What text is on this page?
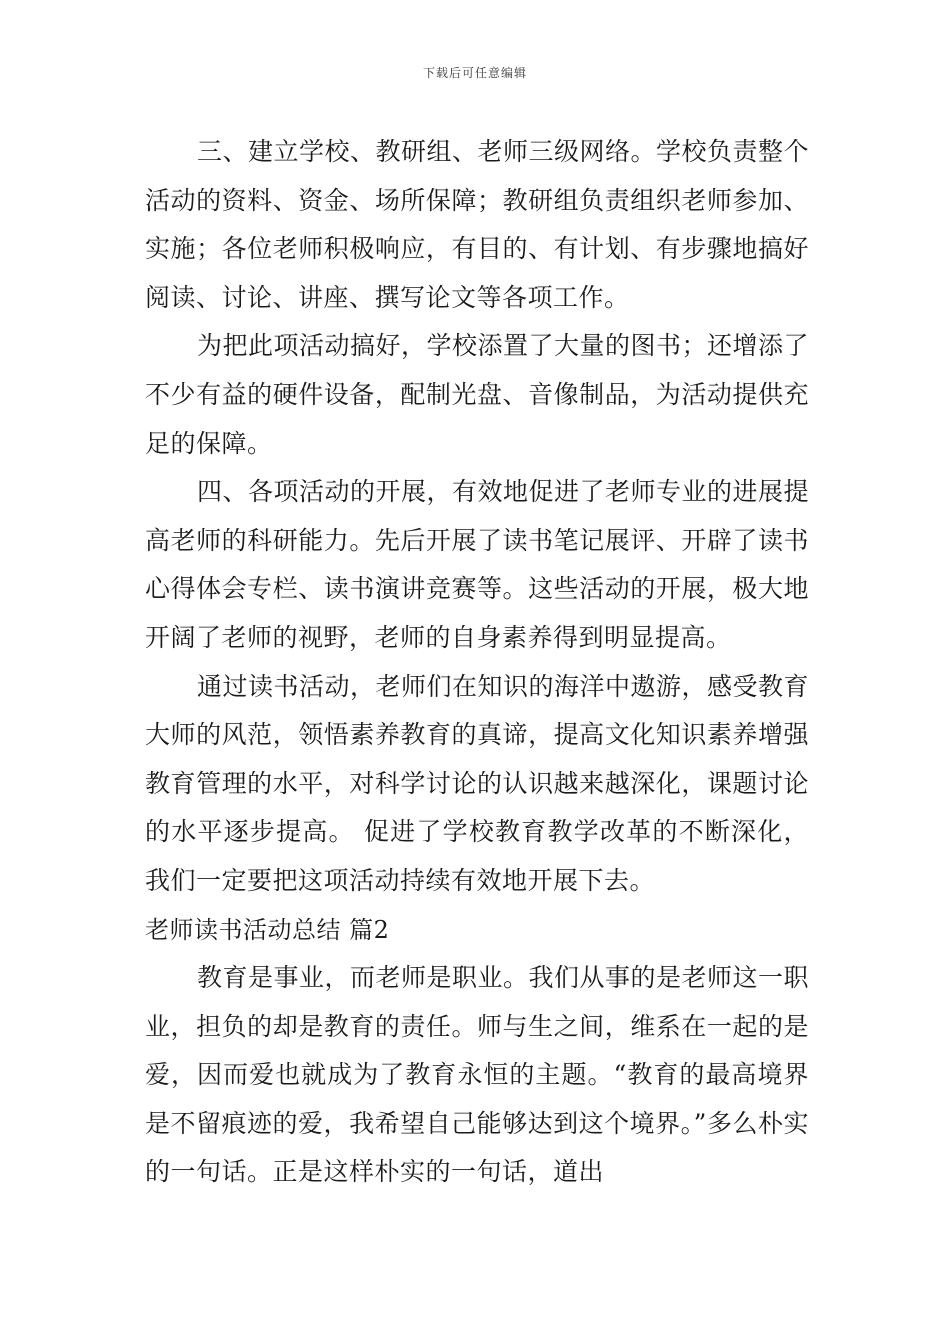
下载后可任意编辑

三、建立学校、教研组、老师三级网络。学校负责整个活动的资料、资金、场所保障；教研组负责组织老师参加、实施；各位老师积极响应，有目的、有计划、有步骤地搞好阅读、讨论、讲座、撰写论文等各项工作。

为把此项活动搞好，学校添置了大量的图书；还增添了不少有益的硬件设备，配制光盘、音像制品，为活动提供充足的保障。

四、各项活动的开展，有效地促进了老师专业的进展提高老师的科研能力。先后开展了读书笔记展评、开辟了读书心得体会专栏、读书演讲竞赛等。这些活动的开展，极大地开阔了老师的视野，老师的自身素养得到明显提高。

通过读书活动，老师们在知识的海洋中遨游，感受教育大师的风范，领悟素养教育的真谛，提高文化知识素养增强教育管理的水平，对科学讨论的认识越来越深化，课题讨论的水平逐步提高。 促进了学校教育教学改革的不断深化，我们一定要把这项活动持续有效地开展下去。

老师读书活动总结 篇2

教育是事业，而老师是职业。我们从事的是老师这一职业，担负的却是教育的责任。师与生之间，维系在一起的是爱，因而爱也就成为了教育永恒的主题。“教育的最高境界是不留痕迹的爱，我希望自己能够达到这个境界。”多么朴实的一句话。正是这样朴实的一句话，道出
